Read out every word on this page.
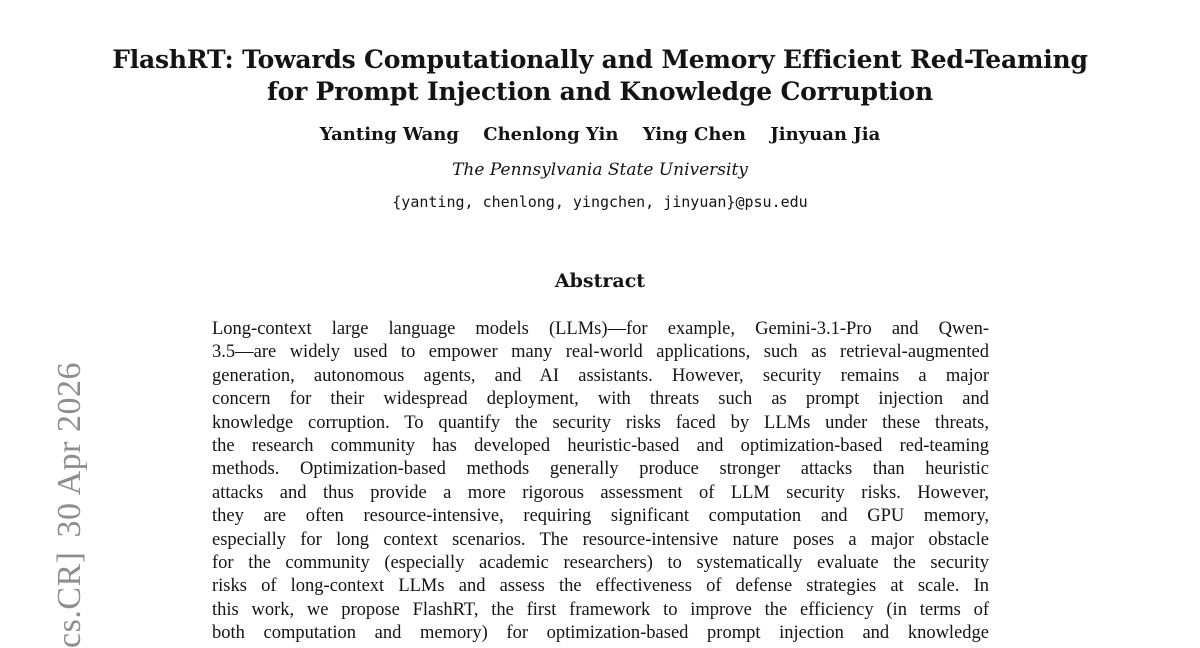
FlashRT: Towards Computationally and Memory Efficient Red-Teaming
for Prompt Injection and Knowledge Corruption
Yanting Wang Chenlong Yin Ying Chen Jinyuan Jia
The Pennsylvania State University
{yanting, chenlong, yingchen, jinyuan}@psu.edu
Abstract
Long-context large language models (LLMs)—for example, Gemini-3.1-Pro and Qwen-
3.5—are widely used to empower many real-world applications, such as retrieval-augmented
generation, autonomous agents, and AI assistants. However, security remains a major
concern for their widespread deployment, with threats such as prompt injection and
knowledge corruption. To quantify the security risks faced by LLMs under these threats,
the research community has developed heuristic-based and optimization-based red-teaming
methods. Optimization-based methods generally produce stronger attacks than heuristic
attacks and thus provide a more rigorous assessment of LLM security risks. However,
they are often resource-intensive, requiring significant computation and GPU memory,
especially for long context scenarios. The resource-intensive nature poses a major obstacle
for the community (especially academic researchers) to systematically evaluate the security
risks of long-context LLMs and assess the effectiveness of defense strategies at scale. In
this work, we propose FlashRT, the first framework to improve the efficiency (in terms of
both computation and memory) for optimization-based prompt injection and knowledge
cs.CR]30 Apr 2026
